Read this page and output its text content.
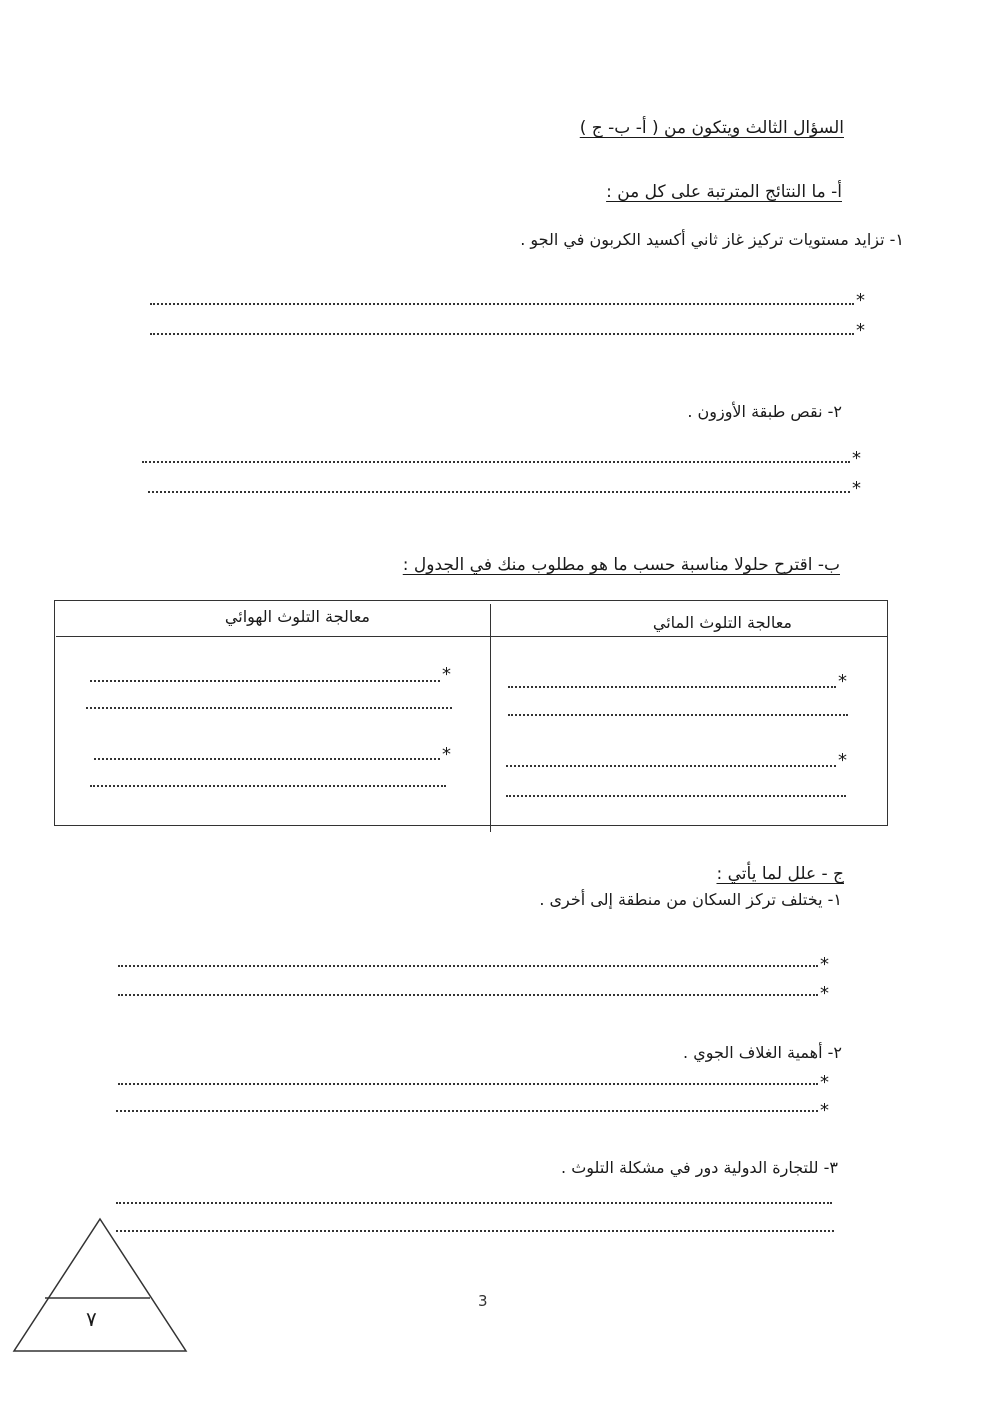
السؤال الثالث ويتكون من ( أ- ب- ج )
أ- ما النتائج المترتبة على كل من :
١- تزايد مستويات تركيز غاز ثاني أكسيد الكربون في الجو .
*
*
٢- نقص طبقة الأوزون .
*
*
ب- اقترح حلولا مناسبة حسب ما هو مطلوب منك في الجدول :
معالجة التلوث المائي
معالجة التلوث الهوائي
*
*
*
*
ج - علل لما يأتي :
١- يختلف تركز السكان من منطقة إلى أخرى .
*
*
٢- أهمية الغلاف الجوي .
*
*
٣- للتجارة الدولية دور في مشكلة التلوث .
٧
3
